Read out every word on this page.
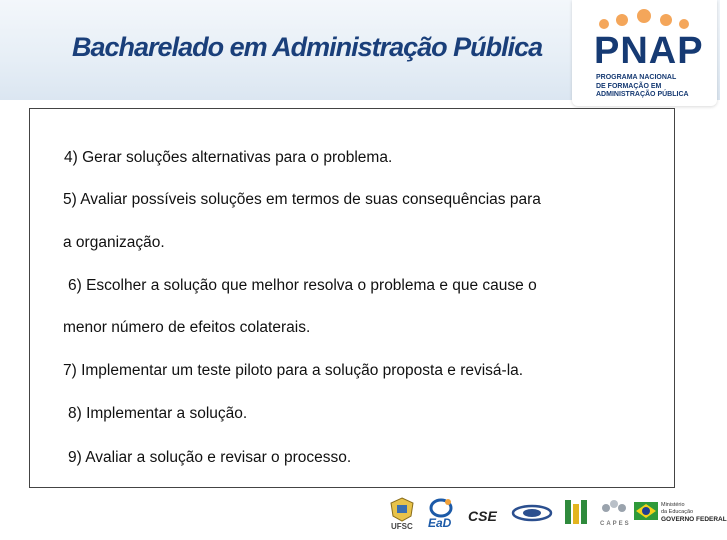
Bacharelado em Administração Pública PNAP
PROGRAMA NACIONAL
DE FORMAÇÃO EM
ADMINISTRAÇÃO PÚBLICA
4) Gerar soluções alternativas para o problema.
5) Avaliar possíveis soluções em termos de suas consequências para
a organização.
6) Escolher a solução que melhor resolva o problema e que cause o
menor número de efeitos colaterais.
7) Implementar um teste piloto para a solução proposta e revisá-la.
8) Implementar a solução.
9) Avaliar a solução e revisar o processo.
UFSC EaD CSE	CAPES
Ministério
da Educação
GOVERNO FEDERAL
